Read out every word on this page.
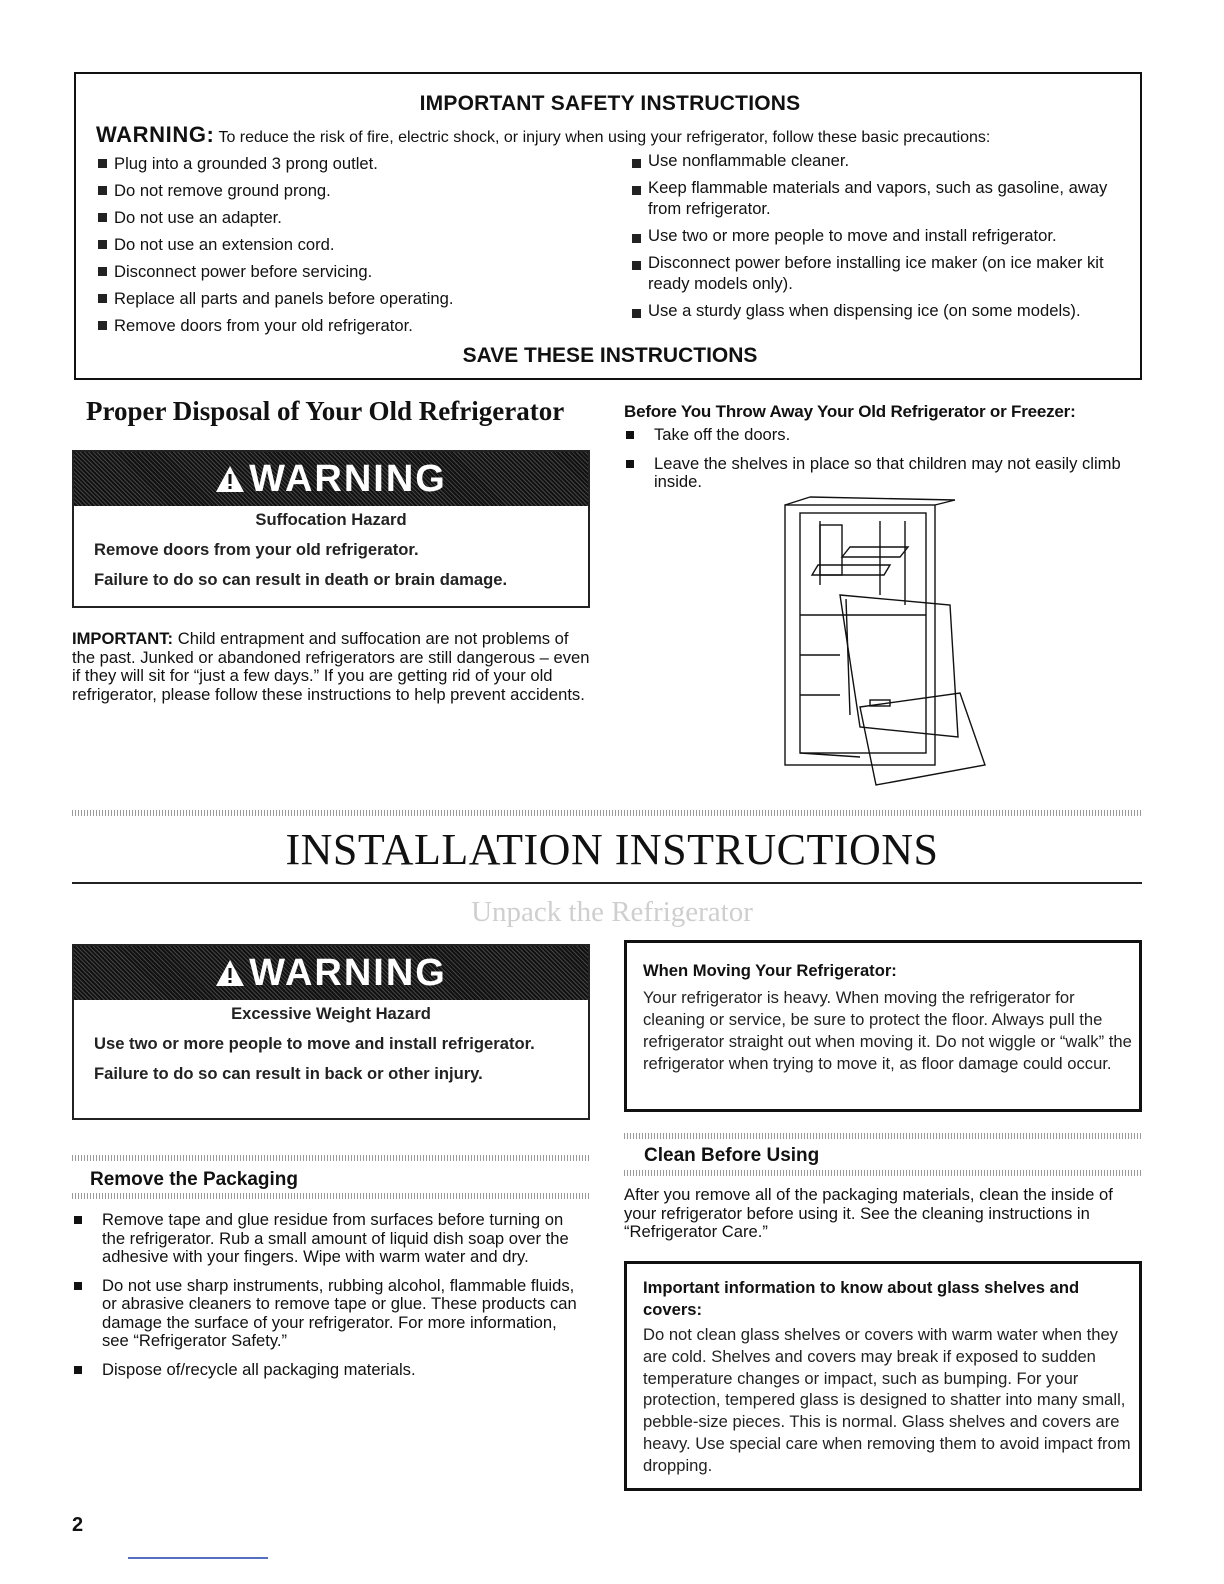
IMPORTANT SAFETY INSTRUCTIONS
WARNING: To reduce the risk of fire, electric shock, or injury when using your refrigerator, follow these basic precautions:
Plug into a grounded 3 prong outlet.
Do not remove ground prong.
Do not use an adapter.
Do not use an extension cord.
Disconnect power before servicing.
Replace all parts and panels before operating.
Remove doors from your old refrigerator.
Use nonflammable cleaner.
Keep flammable materials and vapors, such as gasoline, away from refrigerator.
Use two or more people to move and install refrigerator.
Disconnect power before installing ice maker (on ice maker kit ready models only).
Use a sturdy glass when dispensing ice (on some models).
SAVE THESE INSTRUCTIONS
Proper Disposal of Your Old Refrigerator
WARNING
Suffocation Hazard

Remove doors from your old refrigerator.

Failure to do so can result in death or brain damage.

IMPORTANT: Child entrapment and suffocation are not problems of the past. Junked or abandoned refrigerators are still dangerous – even if they will sit for “just a few days.” If you are getting rid of your old refrigerator, please follow these instructions to help prevent accidents.
Before You Throw Away Your Old Refrigerator or Freezer:
Take off the doors.
Leave the shelves in place so that children may not easily climb inside.
INSTALLATION INSTRUCTIONS
Unpack the Refrigerator
WARNING
Excessive Weight Hazard

Use two or more people to move and install refrigerator.

Failure to do so can result in back or other injury.

When Moving Your Refrigerator:
Your refrigerator is heavy. When moving the refrigerator for cleaning or service, be sure to protect the floor. Always pull the refrigerator straight out when moving it. Do not wiggle or “walk” the refrigerator when trying to move it, as floor damage could occur.
Remove the Packaging
Remove tape and glue residue from surfaces before turning on the refrigerator. Rub a small amount of liquid dish soap over the adhesive with your fingers. Wipe with warm water and dry.
Do not use sharp instruments, rubbing alcohol, flammable fluids, or abrasive cleaners to remove tape or glue. These products can damage the surface of your refrigerator. For more information, see “Refrigerator Safety.”
Dispose of/recycle all packaging materials.
Clean Before Using
After you remove all of the packaging materials, clean the inside of your refrigerator before using it. See the cleaning instructions in “Refrigerator Care.”
Important information to know about glass shelves and covers:
Do not clean glass shelves or covers with warm water when they are cold. Shelves and covers may break if exposed to sudden temperature changes or impact, such as bumping. For your protection, tempered glass is designed to shatter into many small, pebble-size pieces. This is normal. Glass shelves and covers are heavy. Use special care when removing them to avoid impact from dropping.
2
